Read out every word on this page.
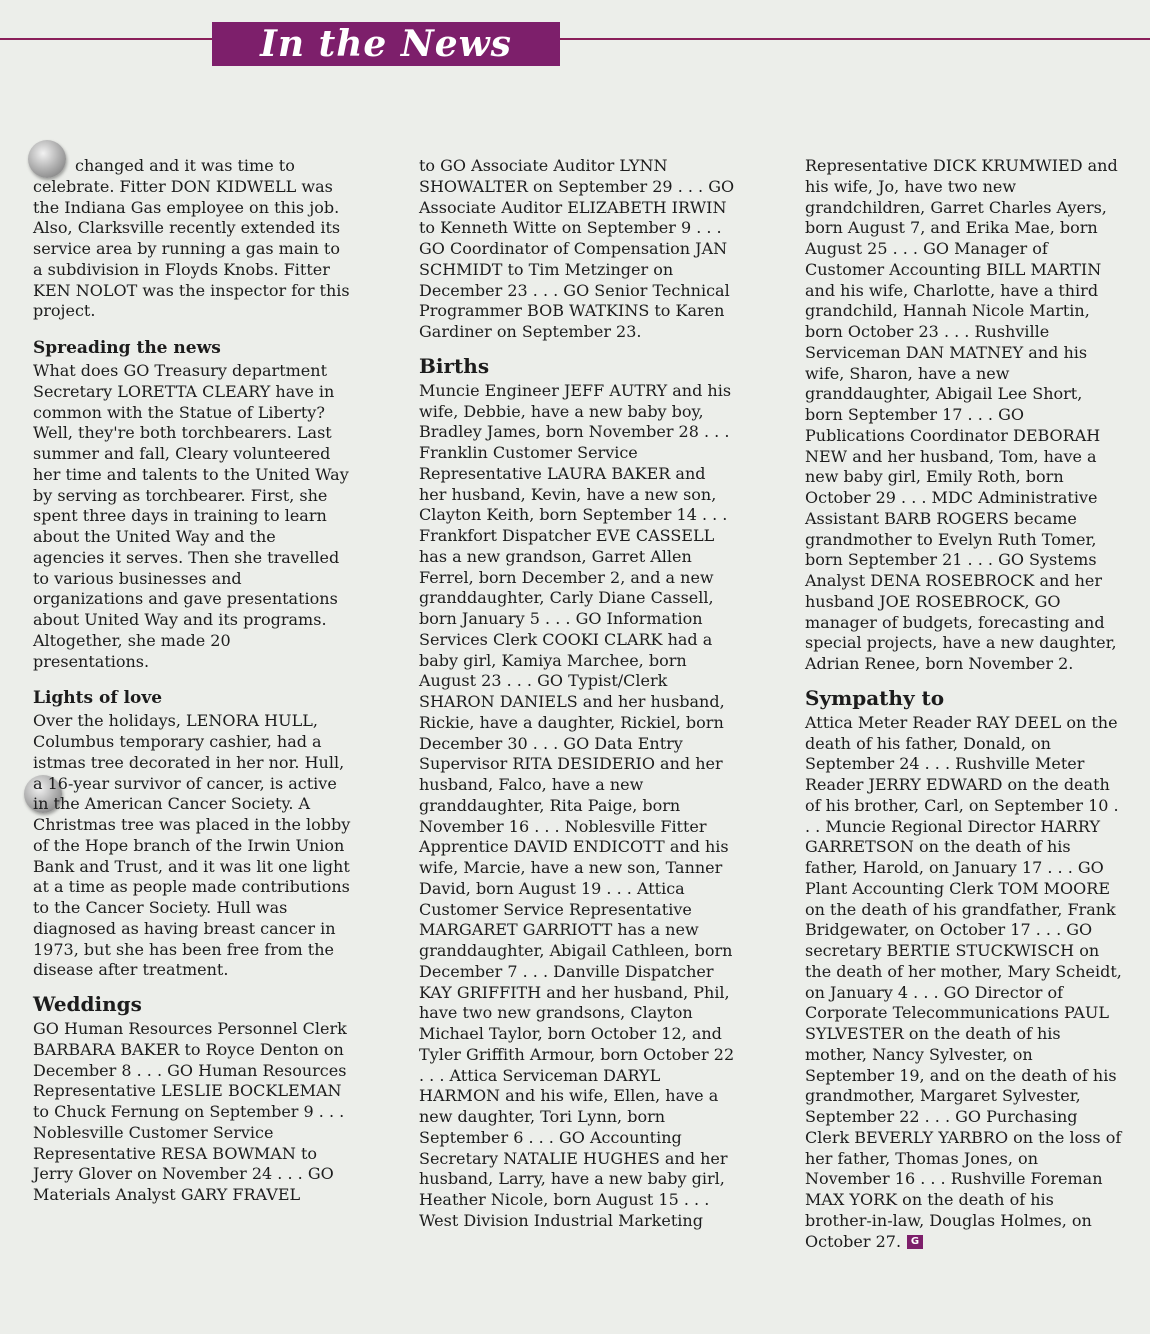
In the News

changed and it was time to celebrate. Fitter DON KIDWELL was the Indiana Gas employee on this job. Also, Clarksville recently extended its service area by running a gas main to a subdivision in Floyds Knobs. Fitter KEN NOLOT was the inspector for this project.

Spreading the news

What does GO Treasury department Secretary LORETTA CLEARY have in common with the Statue of Liberty? Well, they're both torchbearers. Last summer and fall, Cleary volunteered her time and talents to the United Way by serving as torchbearer. First, she spent three days in training to learn about the United Way and the agencies it serves. Then she travelled to various businesses and organizations and gave presentations about United Way and its programs. Altogether, she made 20 presentations.

Lights of love

Over the holidays, LENORA HULL, Columbus temporary cashier, had a istmas tree decorated in her nor. Hull, a 16-year survivor of cancer, is active in the American Cancer Society. A Christmas tree was placed in the lobby of the Hope branch of the Irwin Union Bank and Trust, and it was lit one light at a time as people made contributions to the Cancer Society. Hull was diagnosed as having breast cancer in 1973, but she has been free from the disease after treatment.

Weddings

GO Human Resources Personnel Clerk BARBARA BAKER to Royce Denton on December 8 . . . GO Human Resources Representative LESLIE BOCKLEMAN to Chuck Fernung on September 9 . . . Noblesville Customer Service Representative RESA BOWMAN to Jerry Glover on November 24 . . . GO Materials Analyst GARY FRAVEL

to GO Associate Auditor LYNN SHOWALTER on September 29 . . . GO Associate Auditor ELIZABETH IRWIN to Kenneth Witte on September 9 . . . GO Coordinator of Compensation JAN SCHMIDT to Tim Metzinger on December 23 . . . GO Senior Technical Programmer BOB WATKINS to Karen Gardiner on September 23.

Births

Muncie Engineer JEFF AUTRY and his wife, Debbie, have a new baby boy, Bradley James, born November 28 . . . Franklin Customer Service Representative LAURA BAKER and her husband, Kevin, have a new son, Clayton Keith, born September 14 . . . Frankfort Dispatcher EVE CASSELL has a new grandson, Garret Allen Ferrel, born December 2, and a new granddaughter, Carly Diane Cassell, born January 5 . . . GO Information Services Clerk COOKI CLARK had a baby girl, Kamiya Marchee, born August 23 . . . GO Typist/Clerk SHARON DANIELS and her husband, Rickie, have a daughter, Rickiel, born December 30 . . . GO Data Entry Supervisor RITA DESIDERIO and her husband, Falco, have a new granddaughter, Rita Paige, born November 16 . . . Noblesville Fitter Apprentice DAVID ENDICOTT and his wife, Marcie, have a new son, Tanner David, born August 19 . . . Attica Customer Service Representative MARGARET GARRIOTT has a new granddaughter, Abigail Cathleen, born December 7 . . . Danville Dispatcher KAY GRIFFITH and her husband, Phil, have two new grandsons, Clayton Michael Taylor, born October 12, and Tyler Griffith Armour, born October 22 . . . Attica Serviceman DARYL HARMON and his wife, Ellen, have a new daughter, Tori Lynn, born September 6 . . . GO Accounting Secretary NATALIE HUGHES and her husband, Larry, have a new baby girl, Heather Nicole, born August 15 . . . West Division Industrial Marketing

Representative DICK KRUMWIED and his wife, Jo, have two new grandchildren, Garret Charles Ayers, born August 7, and Erika Mae, born August 25 . . . GO Manager of Customer Accounting BILL MARTIN and his wife, Charlotte, have a third grandchild, Hannah Nicole Martin, born October 23 . . . Rushville Serviceman DAN MATNEY and his wife, Sharon, have a new granddaughter, Abigail Lee Short, born September 17 . . . GO Publications Coordinator DEBORAH NEW and her husband, Tom, have a new baby girl, Emily Roth, born October 29 . . . MDC Administrative Assistant BARB ROGERS became grandmother to Evelyn Ruth Tomer, born September 21 . . . GO Systems Analyst DENA ROSEBROCK and her husband JOE ROSEBROCK, GO manager of budgets, forecasting and special projects, have a new daughter, Adrian Renee, born November 2.

Sympathy to

Attica Meter Reader RAY DEEL on the death of his father, Donald, on September 24 . . . Rushville Meter Reader JERRY EDWARD on the death of his brother, Carl, on September 10 . . . Muncie Regional Director HARRY GARRETSON on the death of his father, Harold, on January 17 . . . GO Plant Accounting Clerk TOM MOORE on the death of his grandfather, Frank Bridgewater, on October 17 . . . GO secretary BERTIE STUCKWISCH on the death of her mother, Mary Scheidt, on January 4 . . . GO Director of Corporate Telecommunications PAUL SYLVESTER on the death of his mother, Nancy Sylvester, on September 19, and on the death of his grandmother, Margaret Sylvester, September 22 . . . GO Purchasing Clerk BEVERLY YARBRO on the loss of her father, Thomas Jones, on November 16 . . . Rushville Foreman MAX YORK on the death of his brother-in-law, Douglas Holmes, on October 27. G
